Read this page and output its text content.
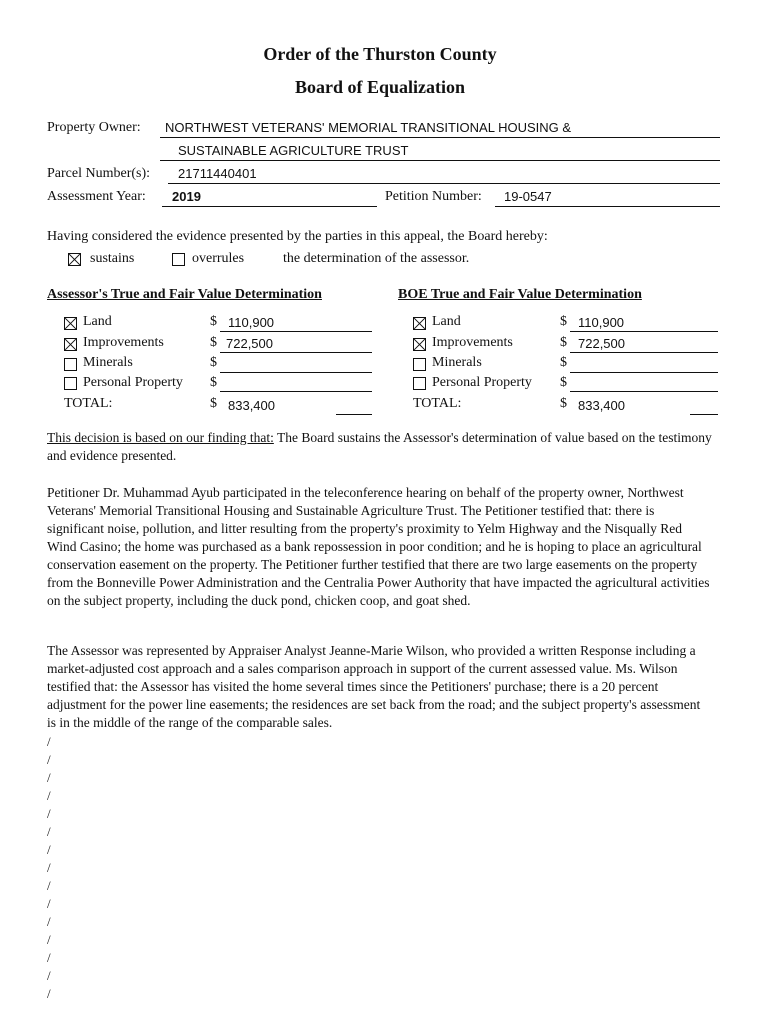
Order of the Thurston County
Board of Equalization
Property Owner: NORTHWEST VETERANS' MEMORIAL TRANSITIONAL HOUSING &
SUSTAINABLE AGRICULTURE TRUST
Parcel Number(s): 21711440401
Assessment Year: 2019	Petition Number: 19-0547
Having considered the evidence presented by the parties in this appeal, the Board hereby:
sustains	overrules	the determination of the assessor.
Assessor's True and Fair Value Determination	BOE True and Fair Value Determination
Land	$ 110,900
Improvements	$ 722,500
Minerals	$
Personal Property $
TOTAL:	$ 833,400
Land	$ 110,900
Improvements	$ 722,500
Minerals	$
Personal Property $
TOTAL:	$ 833,400
This decision is based on our finding that: The Board sustains the Assessor's determination of value based on the testimony and evidence presented.
Petitioner Dr. Muhammad Ayub participated in the teleconference hearing on behalf of the property owner, Northwest Veterans' Memorial Transitional Housing and Sustainable Agriculture Trust. The Petitioner testified that: there is significant noise, pollution, and litter resulting from the property's proximity to Yelm Highway and the Nisqually Red Wind Casino; the home was purchased as a bank repossession in poor condition; and he is hoping to place an agricultural conservation easement on the property. The Petitioner further testified that there are two large easements on the property from the Bonneville Power Administration and the Centralia Power Authority that have impacted the agricultural activities on the subject property, including the duck pond, chicken coop, and goat shed.
The Assessor was represented by Appraiser Analyst Jeanne-Marie Wilson, who provided a written Response including a market-adjusted cost approach and a sales comparison approach in support of the current assessed value. Ms. Wilson testified that: the Assessor has visited the home several times since the Petitioners' purchase; there is a 20 percent adjustment for the power line easements; the residences are set back from the road; and the subject property's assessment is in the middle of the range of the comparable sales.
/
/
/
/
/
/
/
/
/
/
/
/
/
/
/
